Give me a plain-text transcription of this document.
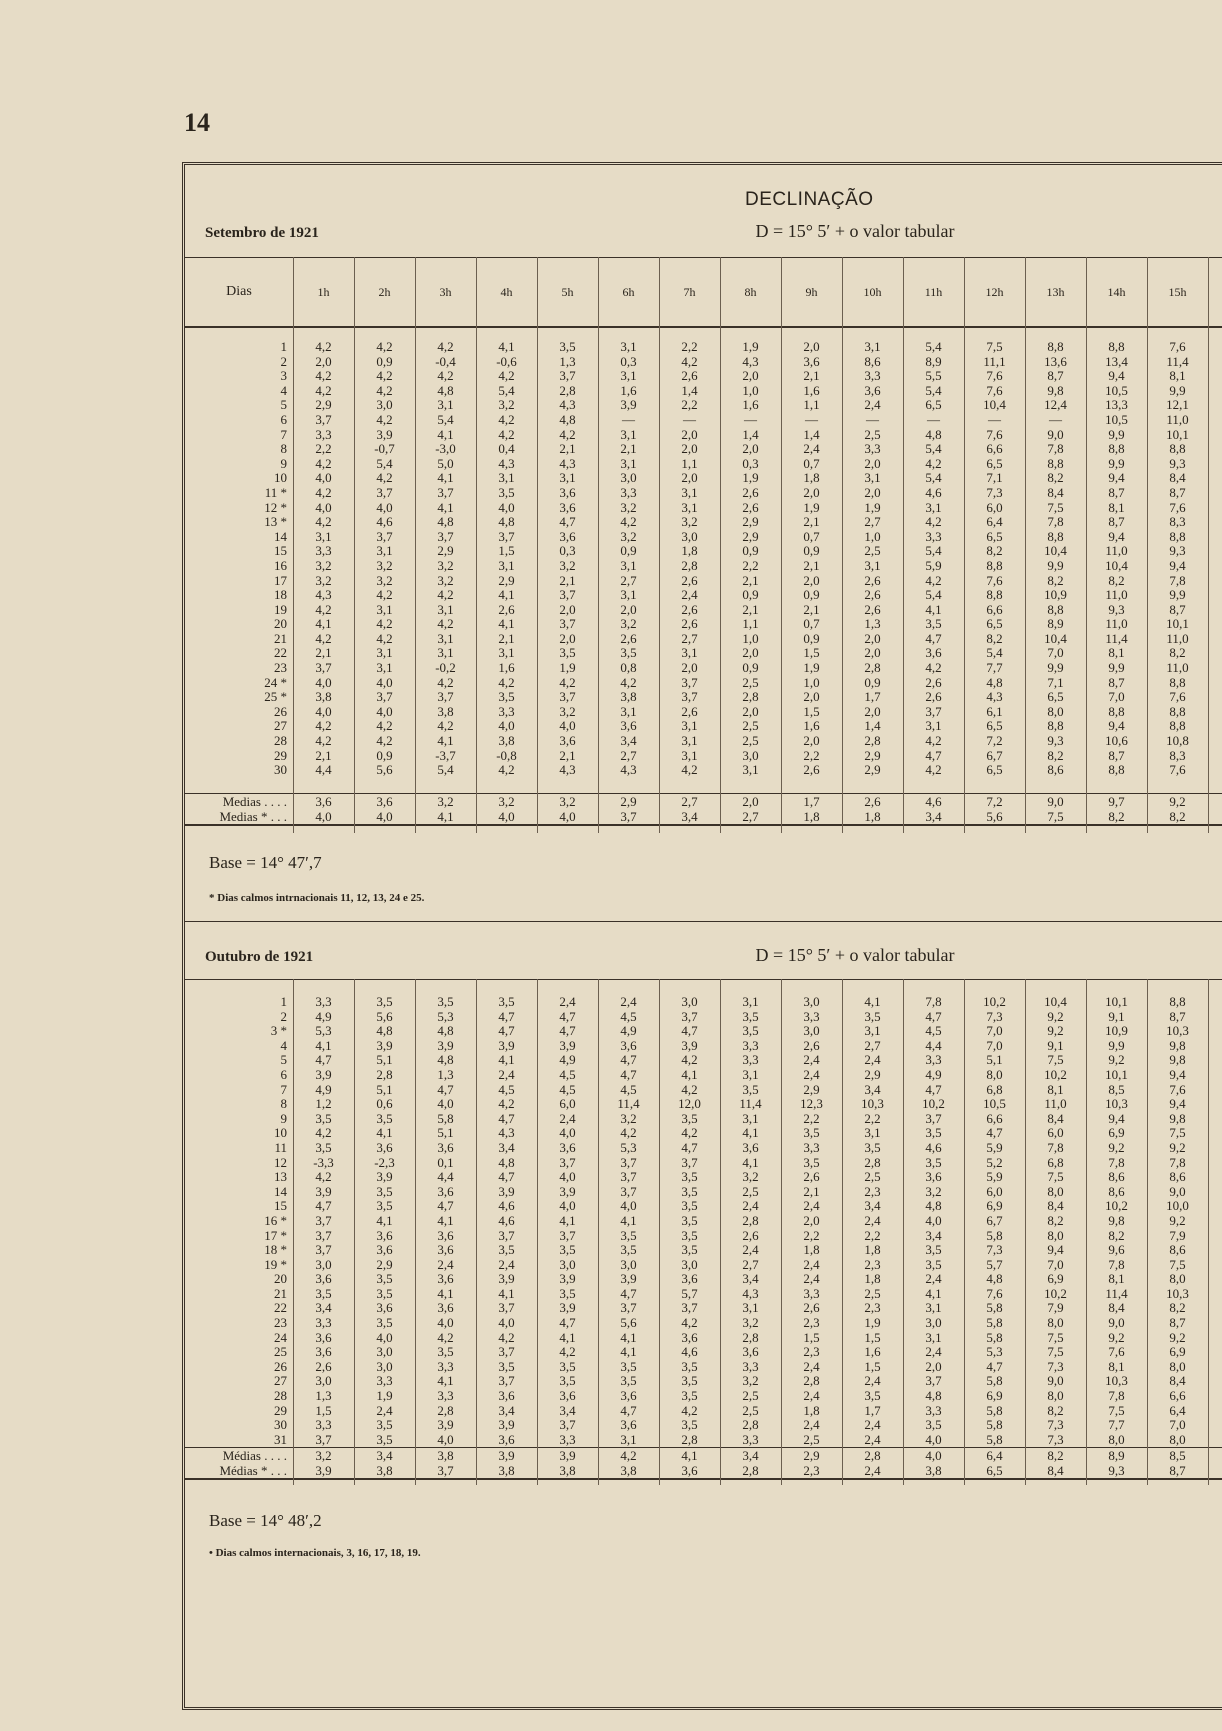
14
DECLINAÇÃO
Setembro de 1921	D = 15° 5′ + o valor tabular
Dias	1h	2h	3h	4h	5h	6h	7h	8h	9h	10h	11h	12h	13h	14h	15h
1	4,2	4,2	4,2	4,1	3,5	3,1	2,2	1,9	2,0	3,1	5,4	7,5	8,8	8,8	7,6
2	2,0	0,9	-0,4	-0,6	1,3	0,3	4,2	4,3	3,6	8,6	8,9	11,1	13,6	13,4	11,4
3	4,2	4,2	4,2	4,2	3,7	3,1	2,6	2,0	2,1	3,3	5,5	7,6	8,7	9,4	8,1
4	4,2	4,2	4,8	5,4	2,8	1,6	1,4	1,0	1,6	3,6	5,4	7,6	9,8	10,5	9,9
5	2,9	3,0	3,1	3,2	4,3	3,9	2,2	1,6	1,1	2,4	6,5	10,4	12,4	13,3	12,1
6	3,7	4,2	5,4	4,2	4,8	—	—	—	—	—	—	—	—	10,5	11,0
7	3,3	3,9	4,1	4,2	4,2	3,1	2,0	1,4	1,4	2,5	4,8	7,6	9,0	9,9	10,1
8	2,2	-0,7	-3,0	0,4	2,1	2,1	2,0	2,0	2,4	3,3	5,4	6,6	7,8	8,8	8,8
9	4,2	5,4	5,0	4,3	4,3	3,1	1,1	0,3	0,7	2,0	4,2	6,5	8,8	9,9	9,3
10	4,0	4,2	4,1	3,1	3,1	3,0	2,0	1,9	1,8	3,1	5,4	7,1	8,2	9,4	8,4
11 *	4,2	3,7	3,7	3,5	3,6	3,3	3,1	2,6	2,0	2,0	4,6	7,3	8,4	8,7	8,7
12 *	4,0	4,0	4,1	4,0	3,6	3,2	3,1	2,6	1,9	1,9	3,1	6,0	7,5	8,1	7,6
13 *	4,2	4,6	4,8	4,8	4,7	4,2	3,2	2,9	2,1	2,7	4,2	6,4	7,8	8,7	8,3
14	3,1	3,7	3,7	3,7	3,6	3,2	3,0	2,9	0,7	1,0	3,3	6,5	8,8	9,4	8,8
15	3,3	3,1	2,9	1,5	0,3	0,9	1,8	0,9	0,9	2,5	5,4	8,2	10,4	11,0	9,3
16	3,2	3,2	3,2	3,1	3,2	3,1	2,8	2,2	2,1	3,1	5,9	8,8	9,9	10,4	9,4
17	3,2	3,2	3,2	2,9	2,1	2,7	2,6	2,1	2,0	2,6	4,2	7,6	8,2	8,2	7,8
18	4,3	4,2	4,2	4,1	3,7	3,1	2,4	0,9	0,9	2,6	5,4	8,8	10,9	11,0	9,9
19	4,2	3,1	3,1	2,6	2,0	2,0	2,6	2,1	2,1	2,6	4,1	6,6	8,8	9,3	8,7
20	4,1	4,2	4,2	4,1	3,7	3,2	2,6	1,1	0,7	1,3	3,5	6,5	8,9	11,0	10,1
21	4,2	4,2	3,1	2,1	2,0	2,6	2,7	1,0	0,9	2,0	4,7	8,2	10,4	11,4	11,0
22	2,1	3,1	3,1	3,1	3,5	3,5	3,1	2,0	1,5	2,0	3,6	5,4	7,0	8,1	8,2
23	3,7	3,1	-0,2	1,6	1,9	0,8	2,0	0,9	1,9	2,8	4,2	7,7	9,9	9,9	11,0
24 *	4,0	4,0	4,2	4,2	4,2	4,2	3,7	2,5	1,0	0,9	2,6	4,8	7,1	8,7	8,8
25 *	3,8	3,7	3,7	3,5	3,7	3,8	3,7	2,8	2,0	1,7	2,6	4,3	6,5	7,0	7,6
26	4,0	4,0	3,8	3,3	3,2	3,1	2,6	2,0	1,5	2,0	3,7	6,1	8,0	8,8	8,8
27	4,2	4,2	4,2	4,0	4,0	3,6	3,1	2,5	1,6	1,4	3,1	6,5	8,8	9,4	8,8
28	4,2	4,2	4,1	3,8	3,6	3,4	3,1	2,5	2,0	2,8	4,2	7,2	9,3	10,6	10,8
29	2,1	0,9	-3,7	-0,8	2,1	2,7	3,1	3,0	2,2	2,9	4,7	6,7	8,2	8,7	8,3
30	4,4	5,6	5,4	4,2	4,3	4,3	4,2	3,1	2,6	2,9	4,2	6,5	8,6	8,8	7,6
Medias . . . .	3,6	3,6	3,2	3,2	3,2	2,9	2,7	2,0	1,7	2,6	4,6	7,2	9,0	9,7	9,2
Medias * . . .	4,0	4,0	4,1	4,0	4,0	3,7	3,4	2,7	1,8	1,8	3,4	5,6	7,5	8,2	8,2
Base = 14° 47′,7
* Dias calmos intrnacionais 11, 12, 13, 24 e 25.
Outubro de 1921	D = 15° 5′ + o valor tabular
1	3,3	3,5	3,5	3,5	2,4	2,4	3,0	3,1	3,0	4,1	7,8	10,2	10,4	10,1	8,8
2	4,9	5,6	5,3	4,7	4,7	4,5	3,7	3,5	3,3	3,5	4,7	7,3	9,2	9,1	8,7
3 *	5,3	4,8	4,8	4,7	4,7	4,9	4,7	3,5	3,0	3,1	4,5	7,0	9,2	10,9	10,3
4	4,1	3,9	3,9	3,9	3,9	3,6	3,9	3,3	2,6	2,7	4,4	7,0	9,1	9,9	9,8
5	4,7	5,1	4,8	4,1	4,9	4,7	4,2	3,3	2,4	2,4	3,3	5,1	7,5	9,2	9,8
6	3,9	2,8	1,3	2,4	4,5	4,7	4,1	3,1	2,4	2,9	4,9	8,0	10,2	10,1	9,4
7	4,9	5,1	4,7	4,5	4,5	4,5	4,2	3,5	2,9	3,4	4,7	6,8	8,1	8,5	7,6
8	1,2	0,6	4,0	4,2	6,0	11,4	12,0	11,4	12,3	10,3	10,2	10,5	11,0	10,3	9,4
9	3,5	3,5	5,8	4,7	2,4	3,2	3,5	3,1	2,2	2,2	3,7	6,6	8,4	9,4	9,8
10	4,2	4,1	5,1	4,3	4,0	4,2	4,2	4,1	3,5	3,1	3,5	4,7	6,0	6,9	7,5
11	3,5	3,6	3,6	3,4	3,6	5,3	4,7	3,6	3,3	3,5	4,6	5,9	7,8	9,2	9,2
12	-3,3	-2,3	0,1	4,8	3,7	3,7	3,7	4,1	3,5	2,8	3,5	5,2	6,8	7,8	7,8
13	4,2	3,9	4,4	4,7	4,0	3,7	3,5	3,2	2,6	2,5	3,6	5,9	7,5	8,6	8,6
14	3,9	3,5	3,6	3,9	3,9	3,7	3,5	2,5	2,1	2,3	3,2	6,0	8,0	8,6	9,0
15	4,7	3,5	4,7	4,6	4,0	4,0	3,5	2,4	2,4	3,4	4,8	6,9	8,4	10,2	10,0
16 *	3,7	4,1	4,1	4,6	4,1	4,1	3,5	2,8	2,0	2,4	4,0	6,7	8,2	9,8	9,2
17 *	3,7	3,6	3,6	3,7	3,7	3,5	3,5	2,6	2,2	2,2	3,4	5,8	8,0	8,2	7,9
18 *	3,7	3,6	3,6	3,5	3,5	3,5	3,5	2,4	1,8	1,8	3,5	7,3	9,4	9,6	8,6
19 *	3,0	2,9	2,4	2,4	3,0	3,0	3,0	2,7	2,4	2,3	3,5	5,7	7,0	7,8	7,5
20	3,6	3,5	3,6	3,9	3,9	3,9	3,6	3,4	2,4	1,8	2,4	4,8	6,9	8,1	8,0
21	3,5	3,5	4,1	4,1	3,5	4,7	5,7	4,3	3,3	2,5	4,1	7,6	10,2	11,4	10,3
22	3,4	3,6	3,6	3,7	3,9	3,7	3,7	3,1	2,6	2,3	3,1	5,8	7,9	8,4	8,2
23	3,3	3,5	4,0	4,0	4,7	5,6	4,2	3,2	2,3	1,9	3,0	5,8	8,0	9,0	8,7
24	3,6	4,0	4,2	4,2	4,1	4,1	3,6	2,8	1,5	1,5	3,1	5,8	7,5	9,2	9,2
25	3,6	3,0	3,5	3,7	4,2	4,1	4,6	3,6	2,3	1,6	2,4	5,3	7,5	7,6	6,9
26	2,6	3,0	3,3	3,5	3,5	3,5	3,5	3,3	2,4	1,5	2,0	4,7	7,3	8,1	8,0
27	3,0	3,3	4,1	3,7	3,5	3,5	3,5	3,2	2,8	2,4	3,7	5,8	9,0	10,3	8,4
28	1,3	1,9	3,3	3,6	3,6	3,6	3,5	2,5	2,4	3,5	4,8	6,9	8,0	7,8	6,6
29	1,5	2,4	2,8	3,4	3,4	4,7	4,2	2,5	1,8	1,7	3,3	5,8	8,2	7,5	6,4
30	3,3	3,5	3,9	3,9	3,7	3,6	3,5	2,8	2,4	2,4	3,5	5,8	7,3	7,7	7,0
31	3,7	3,5	4,0	3,6	3,3	3,1	2,8	3,3	2,5	2,4	4,0	5,8	7,3	8,0	8,0
Médias . . . .	3,2	3,4	3,8	3,9	3,9	4,2	4,1	3,4	2,9	2,8	4,0	6,4	8,2	8,9	8,5
Médias * . . .	3,9	3,8	3,7	3,8	3,8	3,8	3,6	2,8	2,3	2,4	3,8	6,5	8,4	9,3	8,7
Base = 14° 48′,2
• Dias calmos internacionais, 3, 16, 17, 18, 19.
